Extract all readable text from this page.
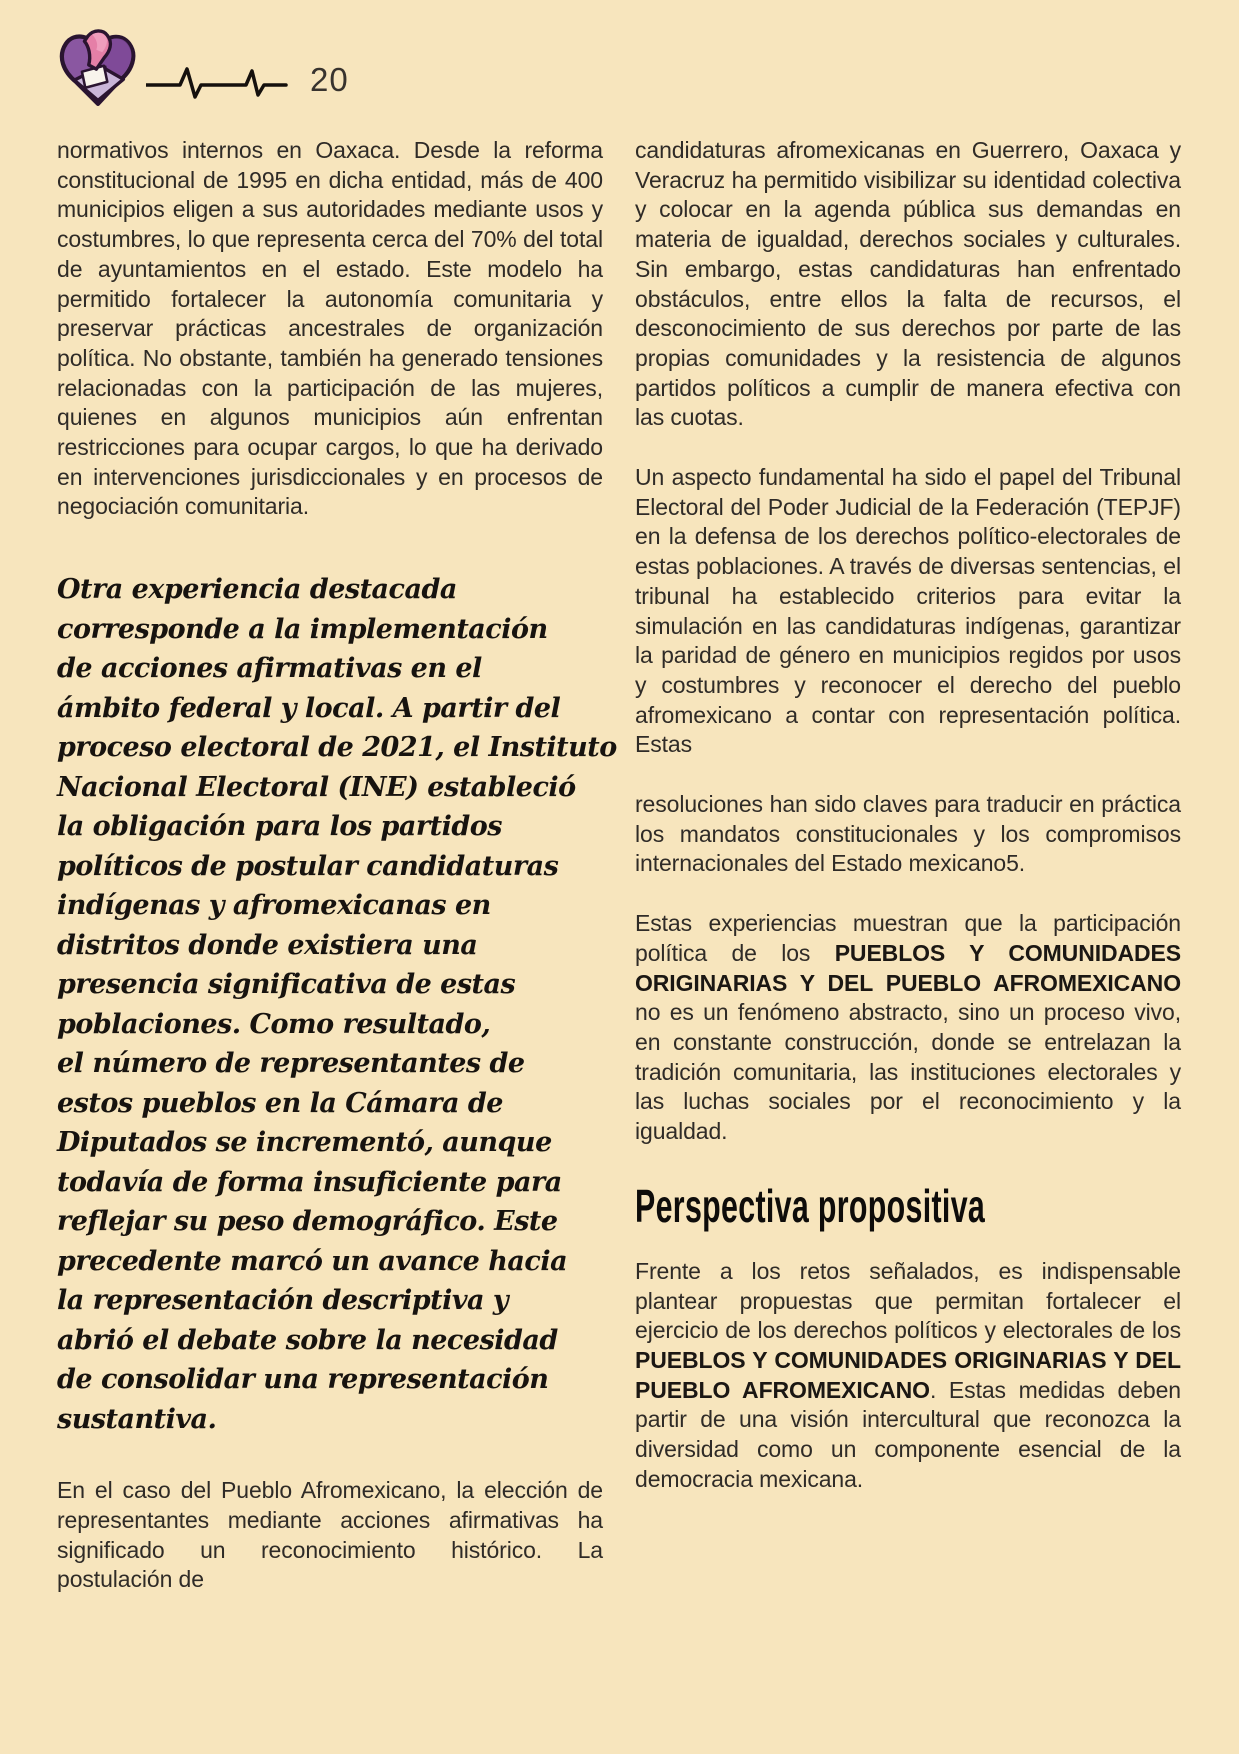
20

normativos internos en Oaxaca. Desde la reforma constitucional de 1995 en dicha entidad, más de 400 municipios eligen a sus autoridades mediante usos y costumbres, lo que representa cerca del 70% del total de ayuntamientos en el estado. Este modelo ha permitido fortalecer la autonomía comunitaria y preservar prácticas ancestrales de organización política. No obstante, también ha generado tensiones relacionadas con la participación de las mujeres, quienes en algunos municipios aún enfrentan restricciones para ocupar cargos, lo que ha derivado en intervenciones jurisdiccionales y en procesos de negociación comunitaria.

Otra experiencia destacada
corresponde a la implementación
de acciones afirmativas en el
ámbito federal y local. A partir del
proceso electoral de 2021, el Instituto
Nacional Electoral (INE) estableció
la obligación para los partidos
políticos de postular candidaturas
indígenas y afromexicanas en
distritos donde existiera una
presencia significativa de estas
poblaciones. Como resultado,
el número de representantes de
estos pueblos en la Cámara de
Diputados se incrementó, aunque
todavía de forma insuficiente para
reflejar su peso demográfico. Este
precedente marcó un avance hacia
la representación descriptiva y
abrió el debate sobre la necesidad
de consolidar una representación
sustantiva.

En el caso del Pueblo Afromexicano, la elección de representantes mediante acciones afirmativas ha significado un reconocimiento histórico. La postulación de

candidaturas afromexicanas en Guerrero, Oaxaca y Veracruz ha permitido visibilizar su identidad colectiva y colocar en la agenda pública sus demandas en materia de igualdad, derechos sociales y culturales. Sin embargo, estas candidaturas han enfrentado obstáculos, entre ellos la falta de recursos, el desconocimiento de sus derechos por parte de las propias comunidades y la resistencia de algunos partidos políticos a cumplir de manera efectiva con las cuotas.

Un aspecto fundamental ha sido el papel del Tribunal Electoral del Poder Judicial de la Federación (TEPJF) en la defensa de los derechos político-electorales de estas poblaciones. A través de diversas sentencias, el tribunal ha establecido criterios para evitar la simulación en las candidaturas indígenas, garantizar la paridad de género en municipios regidos por usos y costumbres y reconocer el derecho del pueblo afromexicano a contar con representación política. Estas

resoluciones han sido claves para traducir en práctica los mandatos constitucionales y los compromisos internacionales del Estado mexicano5.

Estas experiencias muestran que la participación política de los PUEBLOS Y COMUNIDADES ORIGINARIAS Y DEL PUEBLO AFROMEXICANO no es un fenómeno abstracto, sino un proceso vivo, en constante construcción, donde se entrelazan la tradición comunitaria, las instituciones electorales y las luchas sociales por el reconocimiento y la igualdad.

Perspectiva propositiva

Frente a los retos señalados, es indispensable plantear propuestas que permitan fortalecer el ejercicio de los derechos políticos y electorales de los PUEBLOS Y COMUNIDADES ORIGINARIAS Y DEL PUEBLO AFROMEXICANO. Estas medidas deben partir de una visión intercultural que reconozca la diversidad como un componente esencial de la democracia mexicana.
